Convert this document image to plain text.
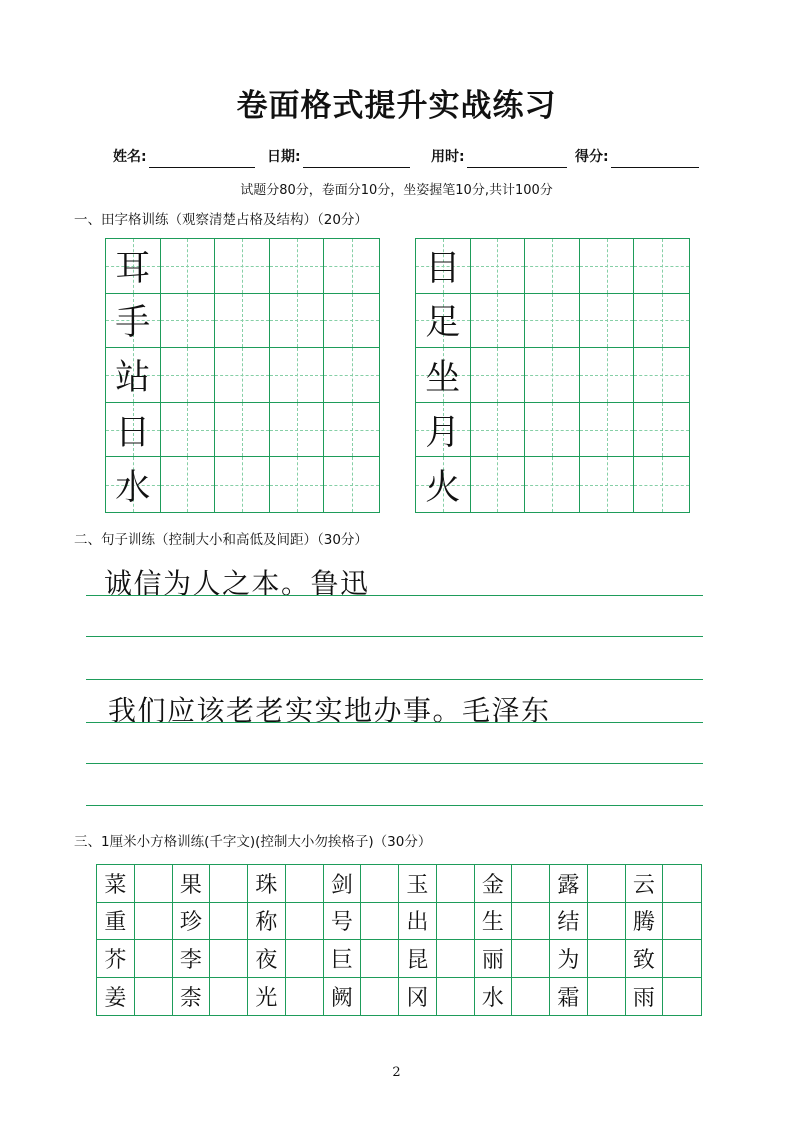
卷面格式提升实战练习
姓名:	日期:	用时:	得分:
试题分80分，卷面分10分，坐姿握笔10分,共计100分
一、田字格训练（观察清楚占格及结构）（20分）
耳
手
站
日
水
目
足
坐
月
火
二、句子训练（控制大小和高低及间距）（30分）
诚信为人之本。鲁迅
我们应该老老实实地办事。毛泽东
三、1厘米小方格训练(千字文)(控制大小勿挨格子)（30分）
菜	果	珠	剑	玉	金	露	云
重	珍	称	号	出	生	结	腾
芥	李	夜	巨	昆	丽	为	致
姜	柰	光	阙	冈	水	霜	雨
2
